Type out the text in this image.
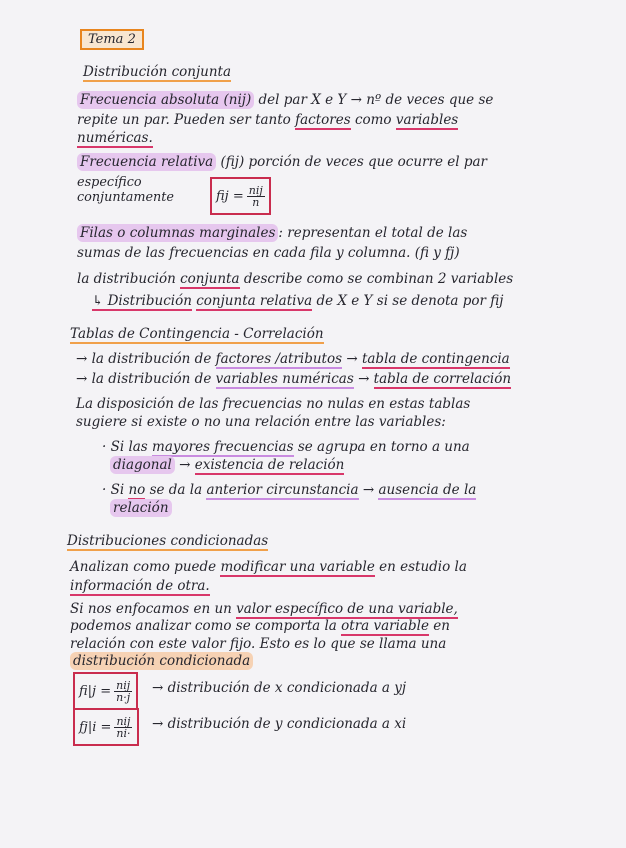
Tema 2
Distribución conjunta
Frecuencia absoluta (nij) del par X e Y → nº de veces que se
repite un par. Pueden ser tanto factores como variables
numéricas.
Frecuencia relativa (fij) porción de veces que ocurre el par
específico
conjuntamente	fij = $\frac{\text{nij}}{n}$
Filas o columnas marginales : representan el total de las
sumas de las frecuencias en cada fila y columna. (fi y fj)
la distribución conjunta describe como se combinan 2 variables
↳ Distribución conjunta relativa de X e Y si se denota por fij
Tablas de Contingencia - Correlación
→ la distribución de factores /atributos → tabla de contingencia
→ la distribución de variables numéricas → tabla de correlación
La disposición de las frecuencias no nulas en estas tablas
sugiere si existe o no una relación entre las variables:
· Si las mayores frecuencias se agrupa en torno a una
diagonal → existencia de relación
· Si no se da la anterior circunstancia → ausencia de la
relación
Distribuciones condicionadas
Analizan como puede modificar una variable en estudio la
información de otra.
Si nos enfocamos en un valor específico de una variable,
podemos analizar como se comporta la otra variable en
relación con este valor fijo. Esto es lo que se llama una
distribución condicionada
$fi|j = \frac{\text{nij}}{n\cdot j}$ → distribución de x condicionada a yj
$fj|i = \frac{\text{nij}}{ni\cdot}$ → distribución de y condicionada a xi
